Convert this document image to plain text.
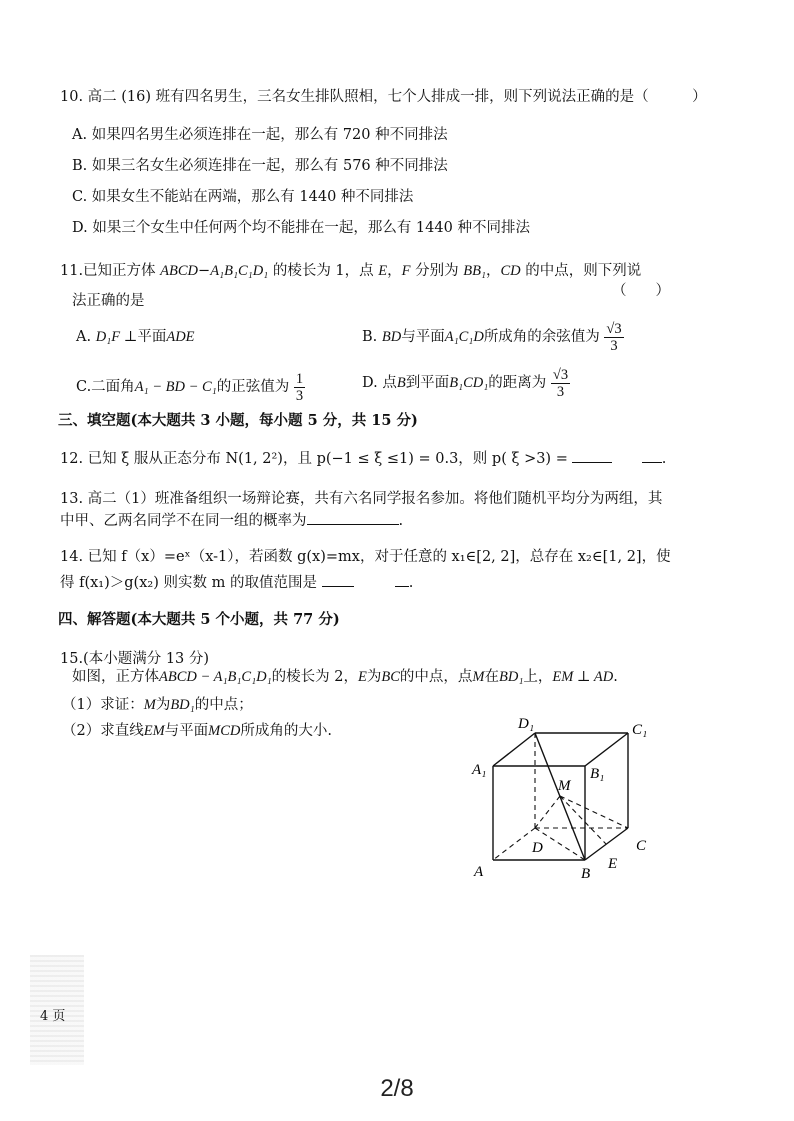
10. 高二 (16) 班有四名男生，三名女生排队照相，七个人排成一排，则下列说法正确的是（　　　）
A. 如果四名男生必须连排在一起，那么有 720 种不同排法
B. 如果三名女生必须连排在一起，那么有 576 种不同排法
C. 如果女生不能站在两端，那么有 1440 种不同排法
D. 如果三个女生中任何两个均不能排在一起，那么有 1440 种不同排法
11.已知正方体 ABCD−A₁B₁C₁D₁ 的棱长为 1，点 E，F 分别为 BB₁，CD 的中点，则下列说
法正确的是
（　　）
A. D₁F ⊥平面ADE	B. BD与平面A₁C₁D所成角的余弦值为 $\frac{√3}{3}$
C.二面角A₁ − BD − C₁的正弦值为 $\frac{1}{3}$	D. 点B到平面B₁CD₁的距离为 $\frac{√3}{3}$
三、填空题(本大题共 3 小题，每小题 5 分，共 15 分)
12. 已知 ξ 服从正态分布 N(1, 2²)，且 p(−1 ≤ ξ ≤1) = 0.3，则 p( ξ >3) =	.
13. 高二（1）班准备组织一场辩论赛，共有六名同学报名参加。将他们随机平均分为两组，其
中甲、乙两名同学不在同一组的概率为	.
14. 已知 f（x）=eˣ（x-1），若函数 g(x)=mx，对于任意的 x₁∈[2, 2]，总存在 x₂∈[1, 2]，使
得 f(x₁)＞g(x₂) 则实数 m 的取值范围是	.
四、解答题(本大题共 5 个小题，共 77 分)
15.(本小题满分 13 分)
如图，正方体ABCD − A₁B₁C₁D₁的棱长为 2，E为BC的中点，点M在BD₁上，EM ⊥ AD.
（1）求证：M为BD₁的中点；
（2）求直线EM与平面MCD所成角的大小.	D₁	C₁
A₁	B₁
M
D	C
A	B
E
4 页
2/8
